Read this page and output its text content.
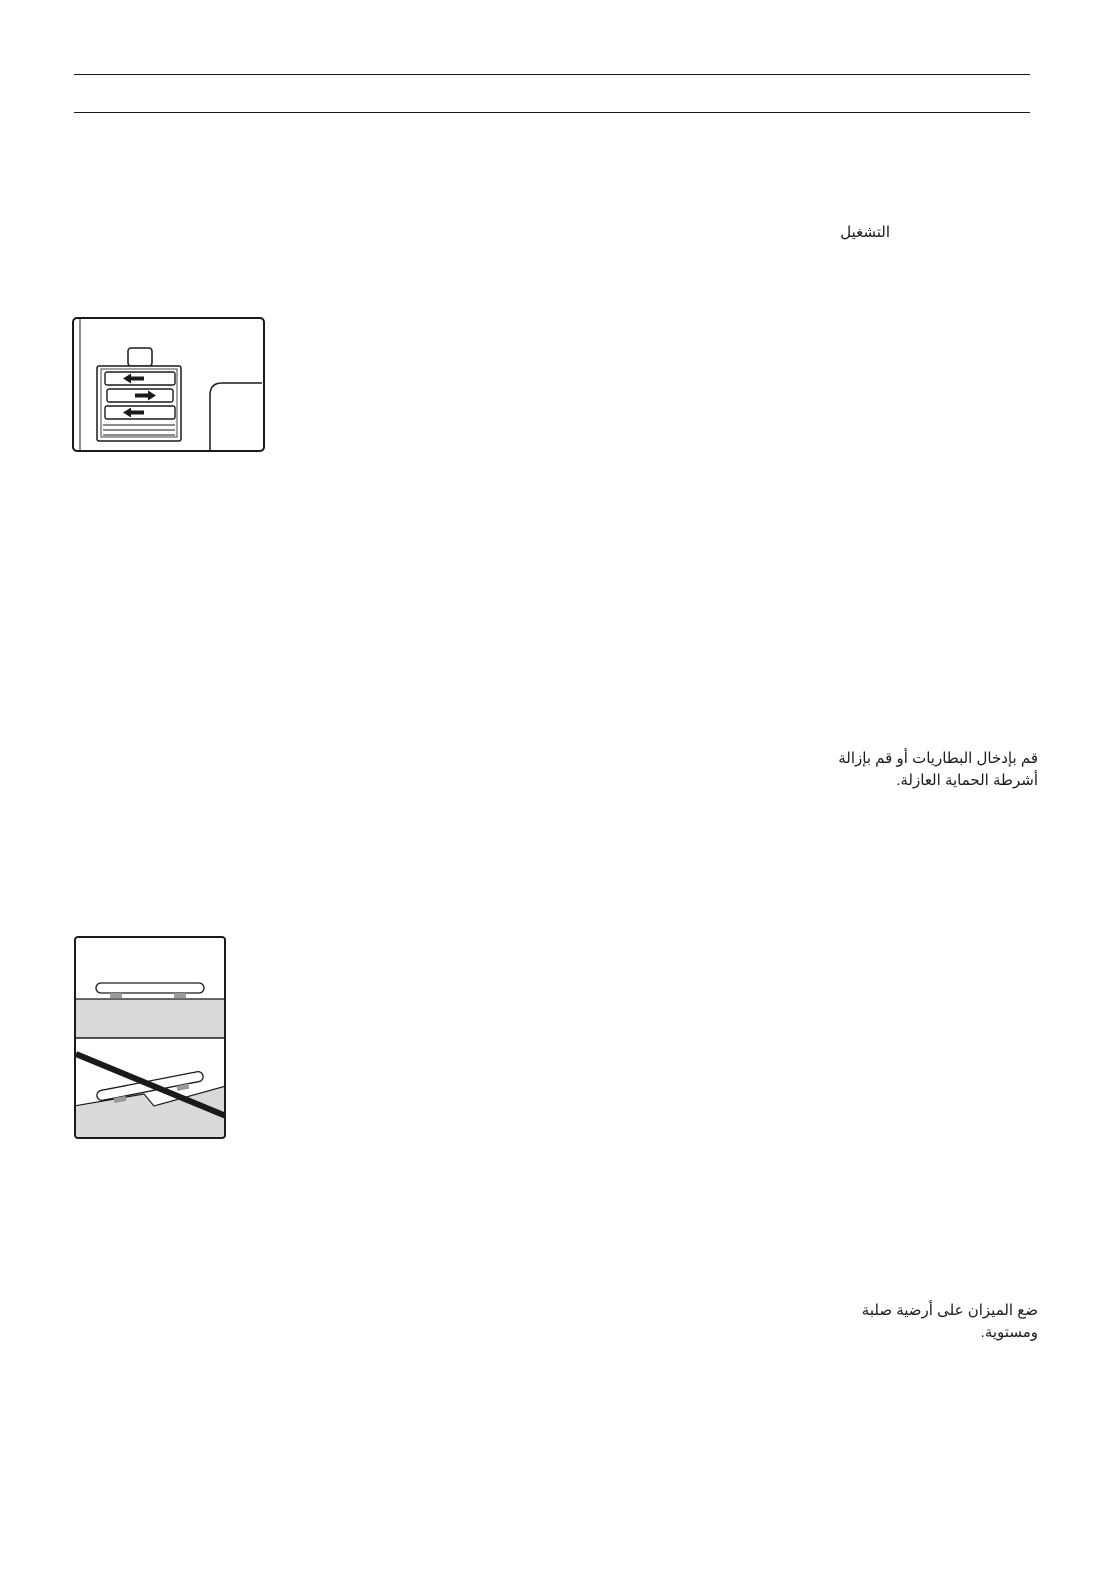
التشغيل
قم بإدخال البطاريات أو قم بإزالة أشرطة الحماية العازلة.
ضع الميزان على أرضية صلبة ومستوية.
